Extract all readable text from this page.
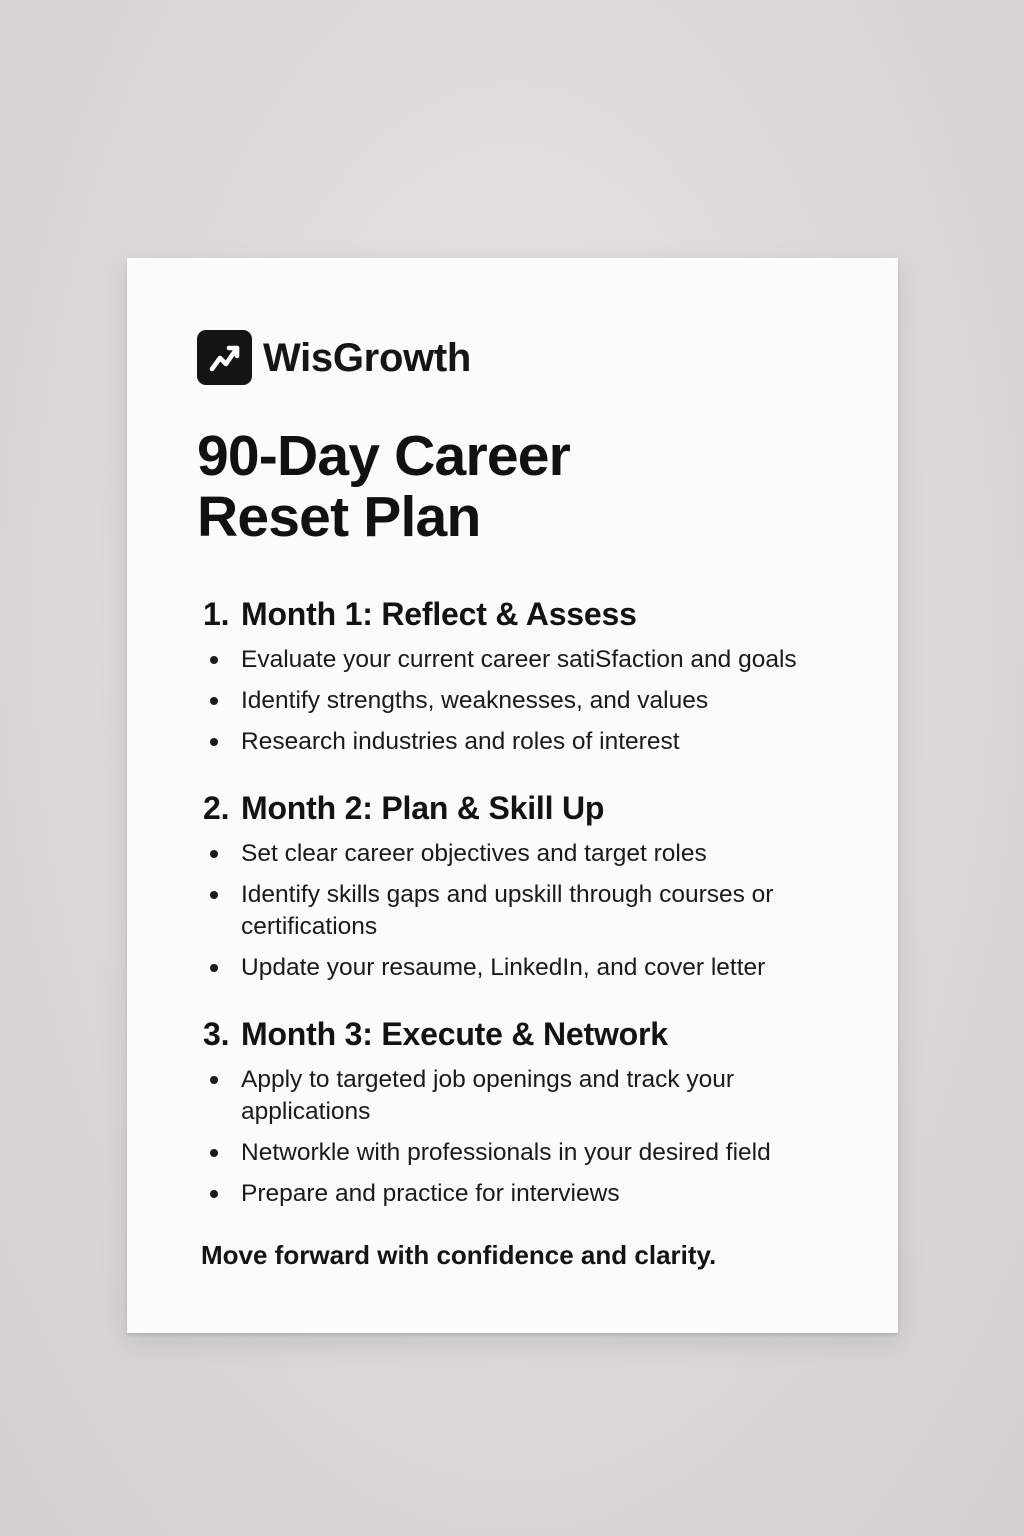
WisGrowth
90-Day Career
Reset Plan
1. Month 1: Reflect & Assess
Evaluate your current career satiSfaction and goals
Identify strengths, weaknesses, and values
Research industries and roles of interest
2. Month 2: Plan & Skill Up
Set clear career objectives and target roles
Identify skills gaps and upskill through courses or certifications
Update your resaume, LinkedIn, and cover letter
3. Month 3: Execute & Network
Apply to targeted job openings and track your applications
Networkle with professionals in your desired field
Prepare and practice for interviews
Move forward with confidence and clarity.
